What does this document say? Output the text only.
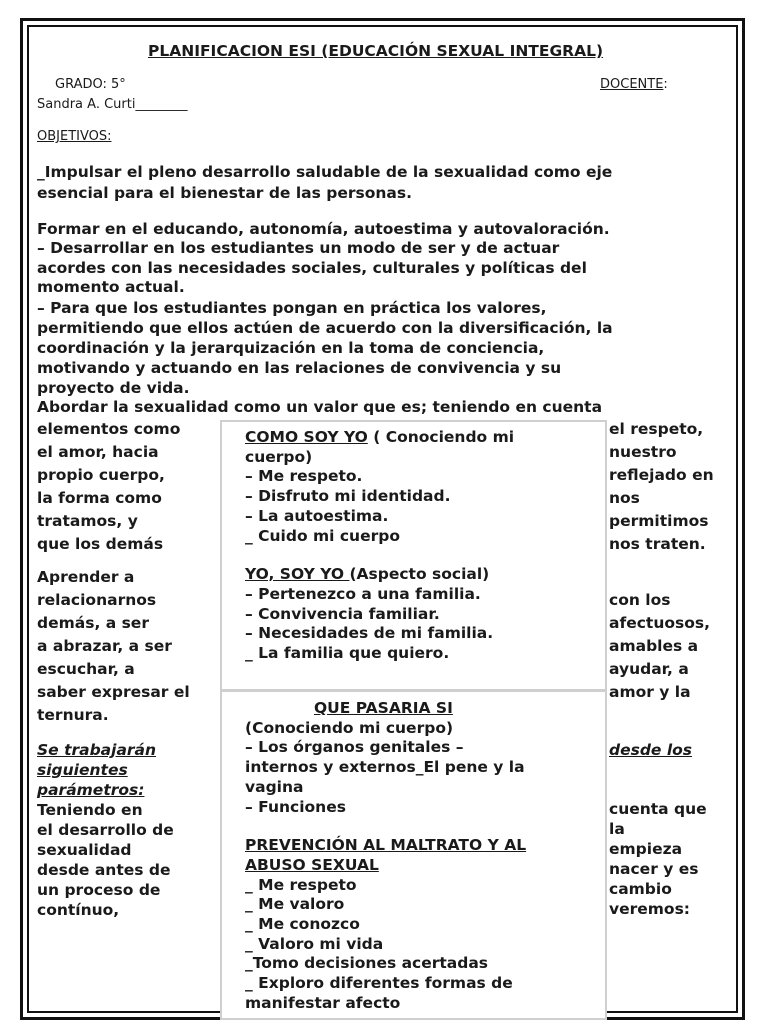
PLANIFICACION ESI (EDUCACIÓN SEXUAL INTEGRAL)
GRADO: 5°	DOCENTE:
Sandra A. Curti________
OBJETIVOS:
_Impulsar el pleno desarrollo saludable de la sexualidad como eje
esencial para el bienestar de las personas.
Formar en el educando, autonomía, autoestima y autovaloración.
– Desarrollar en los estudiantes un modo de ser y de actuar
acordes con las necesidades sociales, culturales y políticas del
momento actual.
– Para que los estudiantes pongan en práctica los valores,
permitiendo que ellos actúen de acuerdo con la diversificación, la
coordinación y la jerarquización en la toma de conciencia,
motivando y actuando en las relaciones de convivencia y su
proyecto de vida.
Abordar la sexualidad como un valor que es; teniendo en cuenta
elementos como
el amor, hacia
propio cuerpo,
la forma como
tratamos, y
que los demás
Aprender a
relacionarnos
demás, a ser
a abrazar, a ser
escuchar, a
saber expresar el
ternura.
Se trabajarán
siguientes
parámetros:
Teniendo en
el desarrollo de
sexualidad
desde antes de
un proceso de
contínuo,
el respeto,
nuestro
reflejado en
nos
permitimos
nos traten.
con los
afectuosos,
amables a
ayudar, a
amor y la
desde los
cuenta que
la
empieza
nacer y es
cambio
veremos:
COMO SOY YO ( Conociendo mi
cuerpo)
– Me respeto.
– Disfruto mi identidad.
– La autoestima.
_ Cuido mi cuerpo
YO, SOY YO (Aspecto social)
– Pertenezco a una familia.
– Convivencia familiar.
– Necesidades de mi familia.
_ La familia que quiero.
QUE PASARIA SI
(Conociendo mi cuerpo)
– Los órganos genitales –
internos y externos_El pene y la
vagina
– Funciones
PREVENCIÓN AL MALTRATO Y AL
ABUSO SEXUAL
_ Me respeto
_ Me valoro
_ Me conozco
_ Valoro mi vida
_Tomo decisiones acertadas
_ Exploro diferentes formas de
manifestar afecto
